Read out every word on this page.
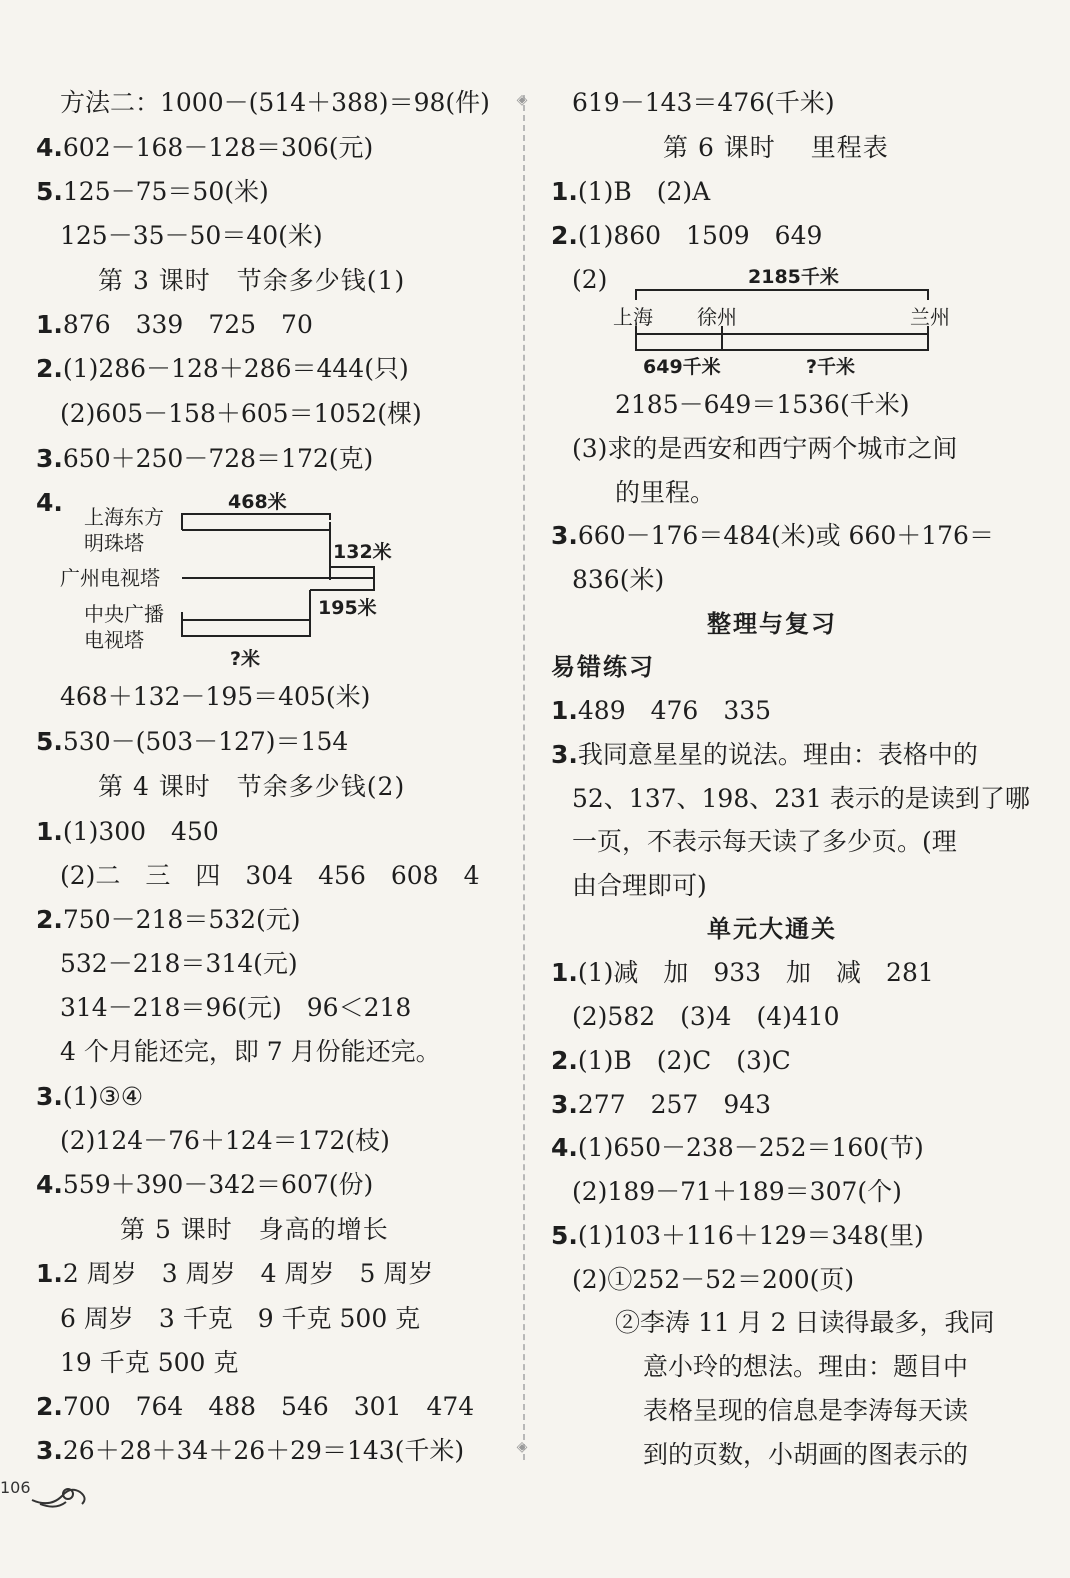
方法二：1000－(514＋388)＝98(件)
4.602－168－128＝306(元)
5.125－75＝50(米)
125－35－50＝40(米)
1.876　339　725　70
2.(1)286－128＋286＝444(只)
(2)605－158＋605＝1052(棵)
3.650＋250－728＝172(克)
468＋132－195＝405(米)
5.530－(503－127)＝154
1.(1)300　450
(2)二　三　四　304　456　608　4
2.750－218＝532(元)
532－218＝314(元)
314－218＝96(元)　96＜218
4 个月能还完，即 7 月份能还完。
3.(1)③④
(2)124－76＋124＝172(枝)
4.559＋390－342＝607(份)
1.2 周岁　3 周岁　4 周岁　5 周岁
6 周岁　3 千克　9 千克 500 克
19 千克 500 克
2.700　764　488　546　301　474
3.26＋28＋34＋26＋29＝143(千米)
第 3 课时　节余多少钱(1)
第 4 课时　节余多少钱(2)
第 5 课时　身高的增长
619－143＝476(千米)
1.(1)B　(2)A
2.(1)860　1509　649
(2)
2185－649＝1536(千米)
(3)求的是西安和西宁两个城市之间
的里程。
3.660－176＝484(米)或 660＋176＝
836(米)
1.489　476　335
3.我同意星星的说法。理由：表格中的
52、137、198、231 表示的是读到了哪
一页，不表示每天读了多少页。(理
由合理即可)
1.(1)减　加　933　加　减　281
(2)582　(3)4　(4)410
2.(1)B　(2)C　(3)C
3.277　257　943
4.(1)650－238－252＝160(节)
(2)189－71＋189＝307(个)
5.(1)103＋116＋129＝348(里)
(2)①252－52＝200(页)
②李涛 11 月 2 日读得最多，我同
意小玲的想法。理由：题目中
表格呈现的信息是李涛每天读
到的页数，小胡画的图表示的
第 6 课时　 里程表
整理与复习
易错练习
单元大通关
◈
◈
4.	468米
上海东方
明珠塔	132米
广州电视塔
195米
中央广播
电视塔
?米
2185千米
上海 徐州	兰州
649千米	?千米
106
